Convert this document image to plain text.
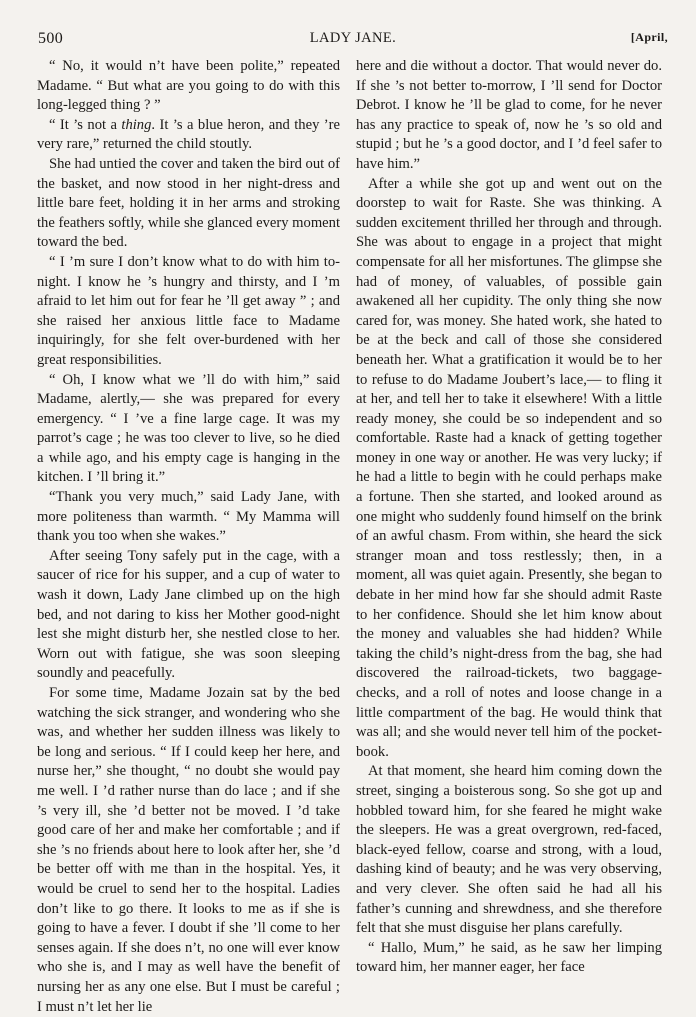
500	LADY JANE.	[April,

“ No, it would n’t have been polite,” repeated Madame. “ But what are you going to do with this long-legged thing ? ”

“ It ’s not a thing. It ’s a blue heron, and they ’re very rare,” returned the child stoutly.

She had untied the cover and taken the bird out of the basket, and now stood in her night-dress and little bare feet, holding it in her arms and stroking the feathers softly, while she glanced every moment toward the bed.

“ I ’m sure I don’t know what to do with him to-night. I know he ’s hungry and thirsty, and I ’m afraid to let him out for fear he ’ll get away ” ; and she raised her anxious little face to Madame inquiringly, for she felt over-burdened with her great responsibilities.

“ Oh, I know what we ’ll do with him,” said Madame, alertly,— she was prepared for every emergency. “ I ’ve a fine large cage. It was my parrot’s cage ; he was too clever to live, so he died a while ago, and his empty cage is hanging in the kitchen. I ’ll bring it.”

“Thank you very much,” said Lady Jane, with more politeness than warmth. “ My Mamma will thank you too when she wakes.”

After seeing Tony safely put in the cage, with a saucer of rice for his supper, and a cup of water to wash it down, Lady Jane climbed up on the high bed, and not daring to kiss her Mother good-night lest she might disturb her, she nestled close to her. Worn out with fatigue, she was soon sleeping soundly and peacefully.

For some time, Madame Jozain sat by the bed watching the sick stranger, and wondering who she was, and whether her sudden illness was likely to be long and serious. “ If I could keep her here, and nurse her,” she thought, “ no doubt she would pay me well. I ’d rather nurse than do lace ; and if she ’s very ill, she ’d better not be moved. I ’d take good care of her and make her comfortable ; and if she ’s no friends about here to look after her, she ’d be better off with me than in the hospital. Yes, it would be cruel to send her to the hospital. Ladies don’t like to go there. It looks to me as if she is going to have a fever. I doubt if she ’ll come to her senses again. If she does n’t, no one will ever know who she is, and I may as well have the benefit of nursing her as any one else. But I must be careful ; I must n’t let her lie

here and die without a doctor. That would never do. If she ’s not better to-morrow, I ’ll send for Doctor Debrot. I know he ’ll be glad to come, for he never has any practice to speak of, now he ’s so old and stupid ; but he ’s a good doctor, and I ’d feel safer to have him.”

After a while she got up and went out on the doorstep to wait for Raste. She was thinking. A sudden excitement thrilled her through and through. She was about to engage in a project that might compensate for all her misfortunes. The glimpse she had of money, of valuables, of possible gain awakened all her cupidity. The only thing she now cared for, was money. She hated work, she hated to be at the beck and call of those she considered beneath her. What a gratification it would be to her to refuse to do Madame Joubert’s lace,— to fling it at her, and tell her to take it elsewhere! With a little ready money, she could be so independent and so comfortable. Raste had a knack of getting together money in one way or another. He was very lucky; if he had a little to begin with he could perhaps make a fortune. Then she started, and looked around as one might who suddenly found himself on the brink of an awful chasm. From within, she heard the sick stranger moan and toss restlessly; then, in a moment, all was quiet again. Presently, she began to debate in her mind how far she should admit Raste to her confidence. Should she let him know about the money and valuables she had hidden? While taking the child’s night-dress from the bag, she had discovered the railroad-tickets, two baggage-checks, and a roll of notes and loose change in a little compartment of the bag. He would think that was all; and she would never tell him of the pocket-book.

At that moment, she heard him coming down the street, singing a boisterous song. So she got up and hobbled toward him, for she feared he might wake the sleepers. He was a great overgrown, red-faced, black-eyed fellow, coarse and strong, with a loud, dashing kind of beauty; and he was very observing, and very clever. She often said he had all his father’s cunning and shrewdness, and she therefore felt that she must disguise her plans carefully.

“ Hallo, Mum,” he said, as he saw her limping toward him, her manner eager, her face
